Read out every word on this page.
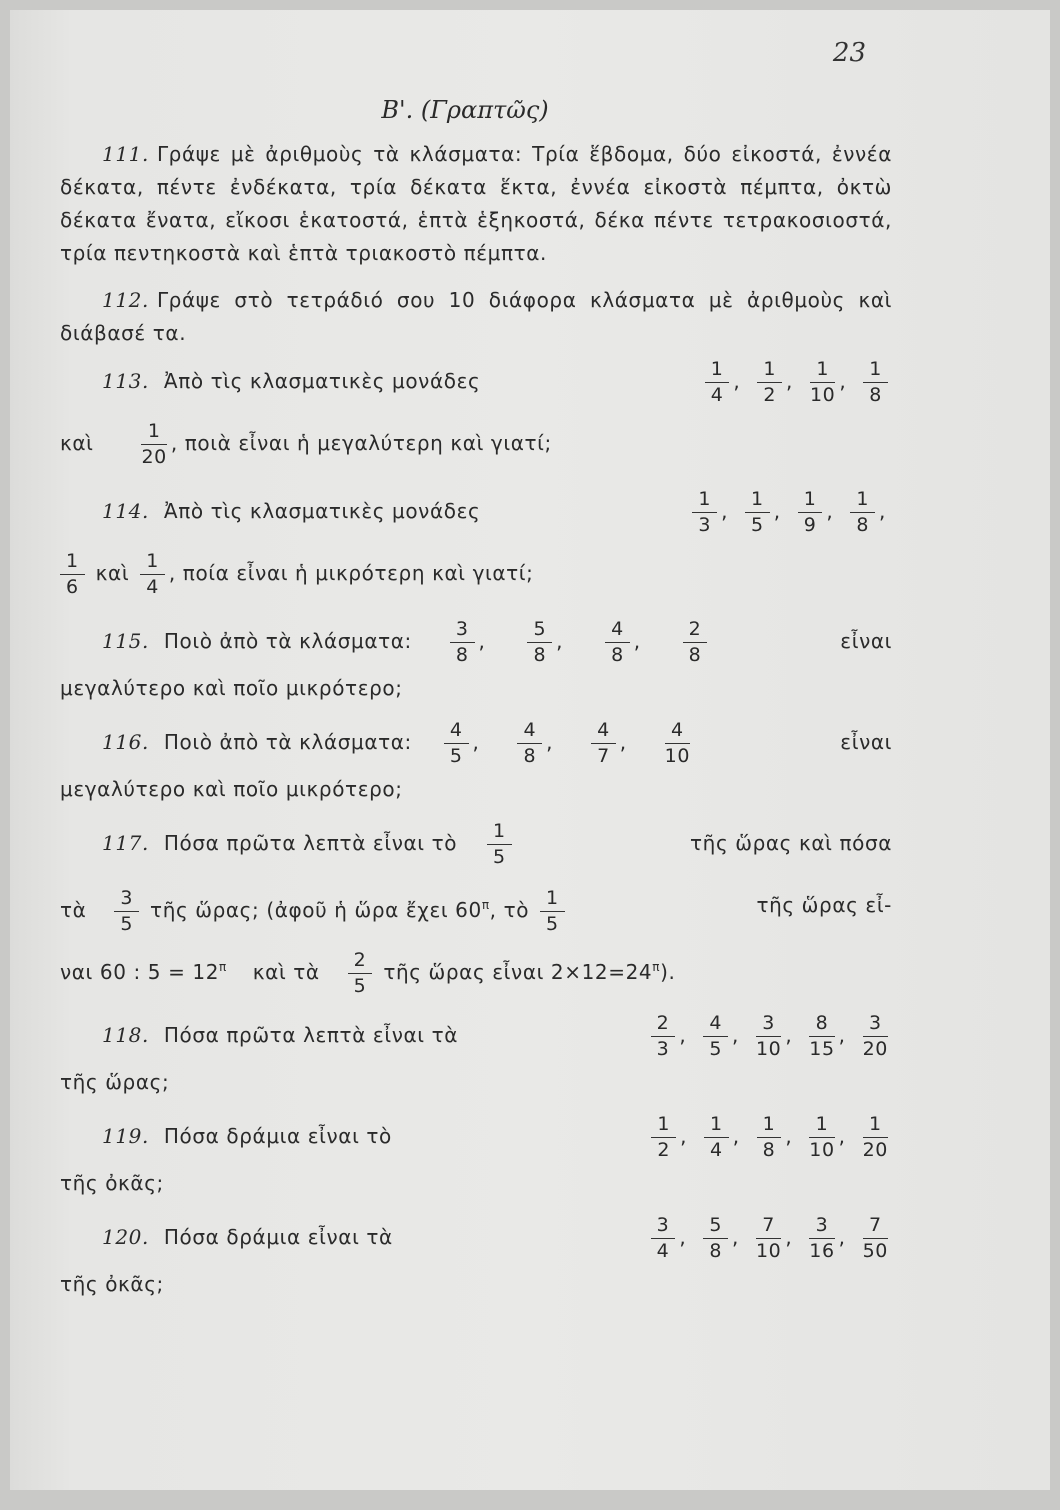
23
Β'. (Γραπτῶς)

111. Γράψε μὲ ἀριθμοὺς τὰ κλάσματα: Τρία ἕβδομα, δύο εἰκοστά, ἐννέα δέκατα, πέντε ἐνδέκατα, τρία δέκατα ἕκτα, ἐννέα εἰκοστὰ πέμπτα, ὀκτὼ δέκατα ἔνατα, εἴκοσι ἑκατοστά, ἑπτὰ ἑξηκοστά, δέκα πέντε τετρακοσιοστά, τρία πεντηκοστὰ καὶ ἑπτὰ τριακοστὸ πέμπτα.

112. Γράψε στὸ τετράδιό σου 10 διάφορα κλάσματα μὲ ἀριθμοὺς καὶ διάβασέ τα.

113. Ἀπὸ τὶς κλασματικὲς μονάδες	$\frac{1}{4}$ , $\frac{1}{2}$ , $\frac{1}{10}$ , $\frac{1}{8}$
καὶ	$\frac{1}{20}$ , ποιὰ εἶναι ἡ μεγαλύτερη καὶ γιατί;
114. Ἀπὸ τὶς κλασματικὲς μονάδες	$\frac{1}{3}$ , $\frac{1}{5}$ , $\frac{1}{9}$ , $\frac{1}{8}$ ,
$\frac{1}{6}$ καὶ $\frac{1}{4}$ , ποία εἶναι ἡ μικρότερη καὶ γιατί;
115. Ποιὸ ἀπὸ τὰ κλάσματα: $\frac{3}{8}$ , $\frac{5}{8}$ , $\frac{4}{8}$ , $\frac{2}{8}$	εἶναι

μεγαλύτερο καὶ ποῖο μικρότερο;

116. Ποιὸ ἀπὸ τὰ κλάσματα: $\frac{4}{5}$ , $\frac{4}{8}$ , $\frac{4}{7}$ , $\frac{4}{10}$	εἶναι

μεγαλύτερο καὶ ποῖο μικρότερο;

117. Πόσα πρῶτα λεπτὰ εἶναι τὸ $\frac{1}{5}$	τῆς ὥρας καὶ πόσα
τὰ $\frac{3}{5}$ τῆς ὥρας; (ἀφοῦ ἡ ὥρα ἔχει $60^\pi$, τὸ $\frac{1}{5}$	τῆς ὥρας εἶ-
ναι 60 : $5 = 12^\pi$ καὶ τὰ $\frac{2}{5}$ τῆς ὥρας εἶναι $2\times 12=24^\pi$).
118. Πόσα πρῶτα λεπτὰ εἶναι τὰ	$\frac{2}{3}$ , $\frac{4}{5}$ , $\frac{3}{10}$ , $\frac{8}{15}$ , $\frac{3}{20}$

τῆς ὥρας;

119. Πόσα δράμια εἶναι τὸ	$\frac{1}{2}$ , $\frac{1}{4}$ , $\frac{1}{8}$ , $\frac{1}{10}$ , $\frac{1}{20}$

τῆς ὀκᾶς;

120. Πόσα δράμια εἶναι τὰ	$\frac{3}{4}$ , $\frac{5}{8}$ , $\frac{7}{10}$ , $\frac{3}{16}$ , $\frac{7}{50}$

τῆς ὀκᾶς;
